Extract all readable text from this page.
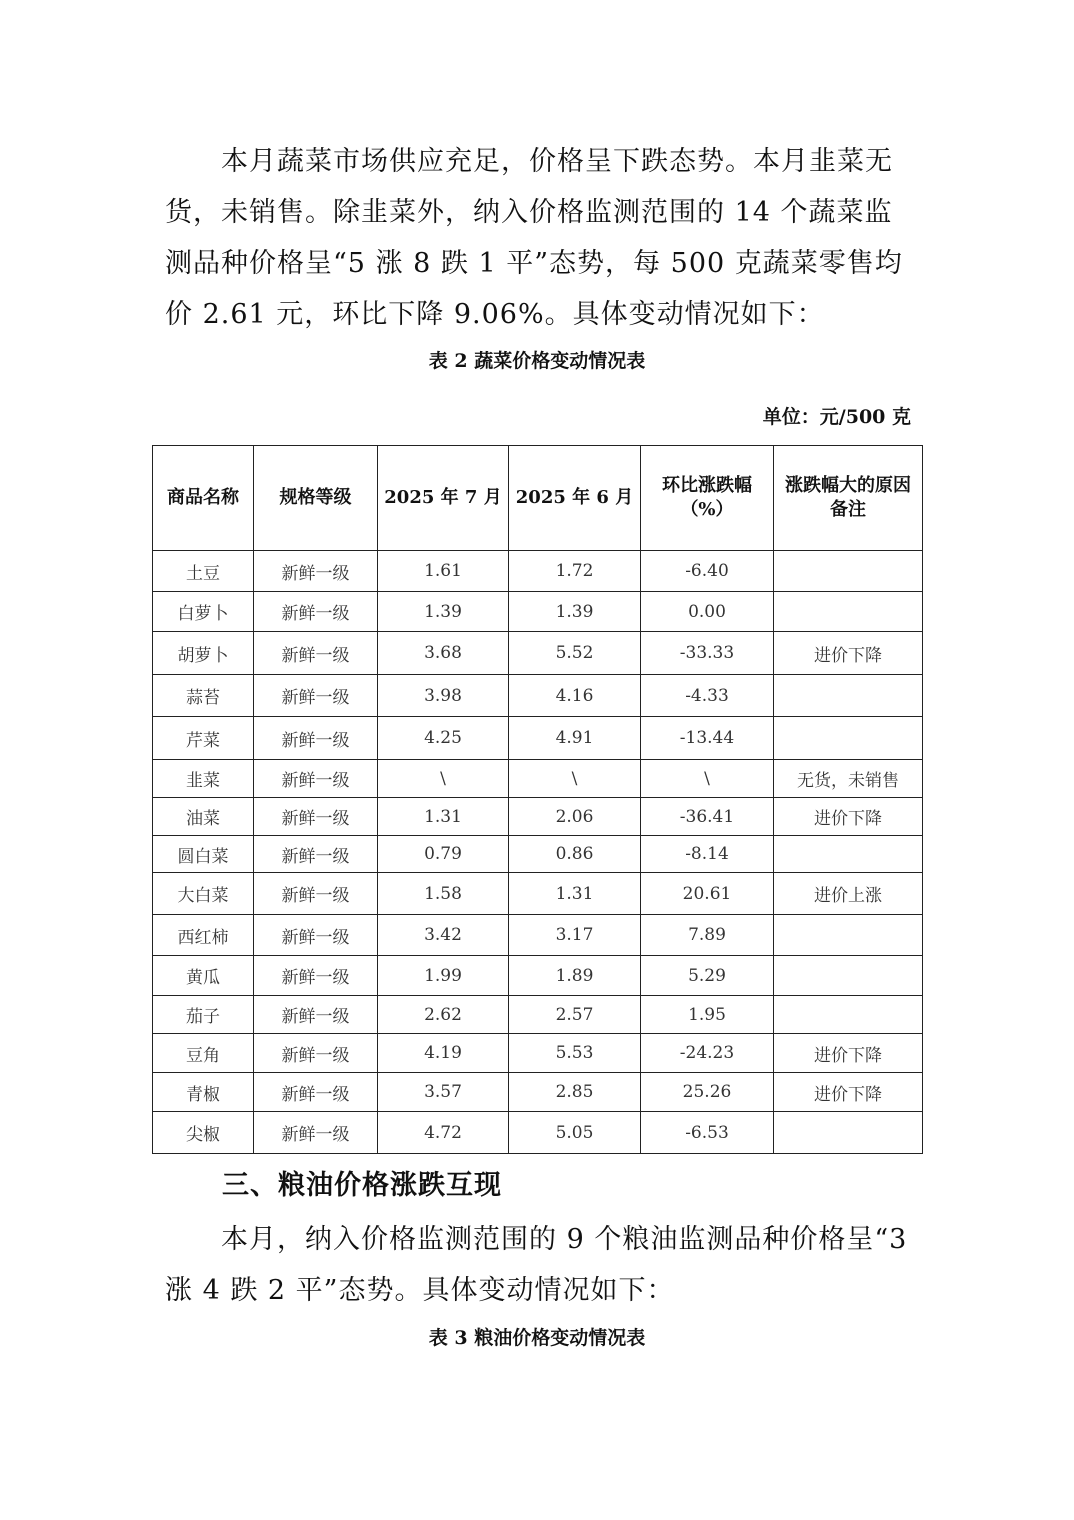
本月蔬菜市场供应充足，价格呈下跌态势。本月韭菜无货，未销售。除韭菜外，纳入价格监测范围的 14 个蔬菜监测品种价格呈“5 涨 8 跌 1 平”态势，每 500 克蔬菜零售均价 2.61 元，环比下降 9.06%。具体变动情况如下：

表 2 蔬菜价格变动情况表
单位：元/500 克
商品名称	规格等级	2025 年 7 月	2025 年 6 月	环比涨跌幅（%）	涨跌幅大的原因备注
土豆	新鲜一级	1.61	1.72	-6.40	
白萝卜	新鲜一级	1.39	1.39	0.00	
胡萝卜	新鲜一级	3.68	5.52	-33.33	进价下降
蒜苔	新鲜一级	3.98	4.16	-4.33	
芹菜	新鲜一级	4.25	4.91	-13.44	
韭菜	新鲜一级	\	\	\	无货，未销售
油菜	新鲜一级	1.31	2.06	-36.41	进价下降
圆白菜	新鲜一级	0.79	0.86	-8.14	
大白菜	新鲜一级	1.58	1.31	20.61	进价上涨
西红柿	新鲜一级	3.42	3.17	7.89	
黄瓜	新鲜一级	1.99	1.89	5.29	
茄子	新鲜一级	2.62	2.57	1.95	
豆角	新鲜一级	4.19	5.53	-24.23	进价下降
青椒	新鲜一级	3.57	2.85	25.26	进价下降
尖椒	新鲜一级	4.72	5.05	-6.53	
三、粮油价格涨跌互现

本月，纳入价格监测范围的 9 个粮油监测品种价格呈“3 涨 4 跌 2 平”态势。具体变动情况如下：

表 3 粮油价格变动情况表
